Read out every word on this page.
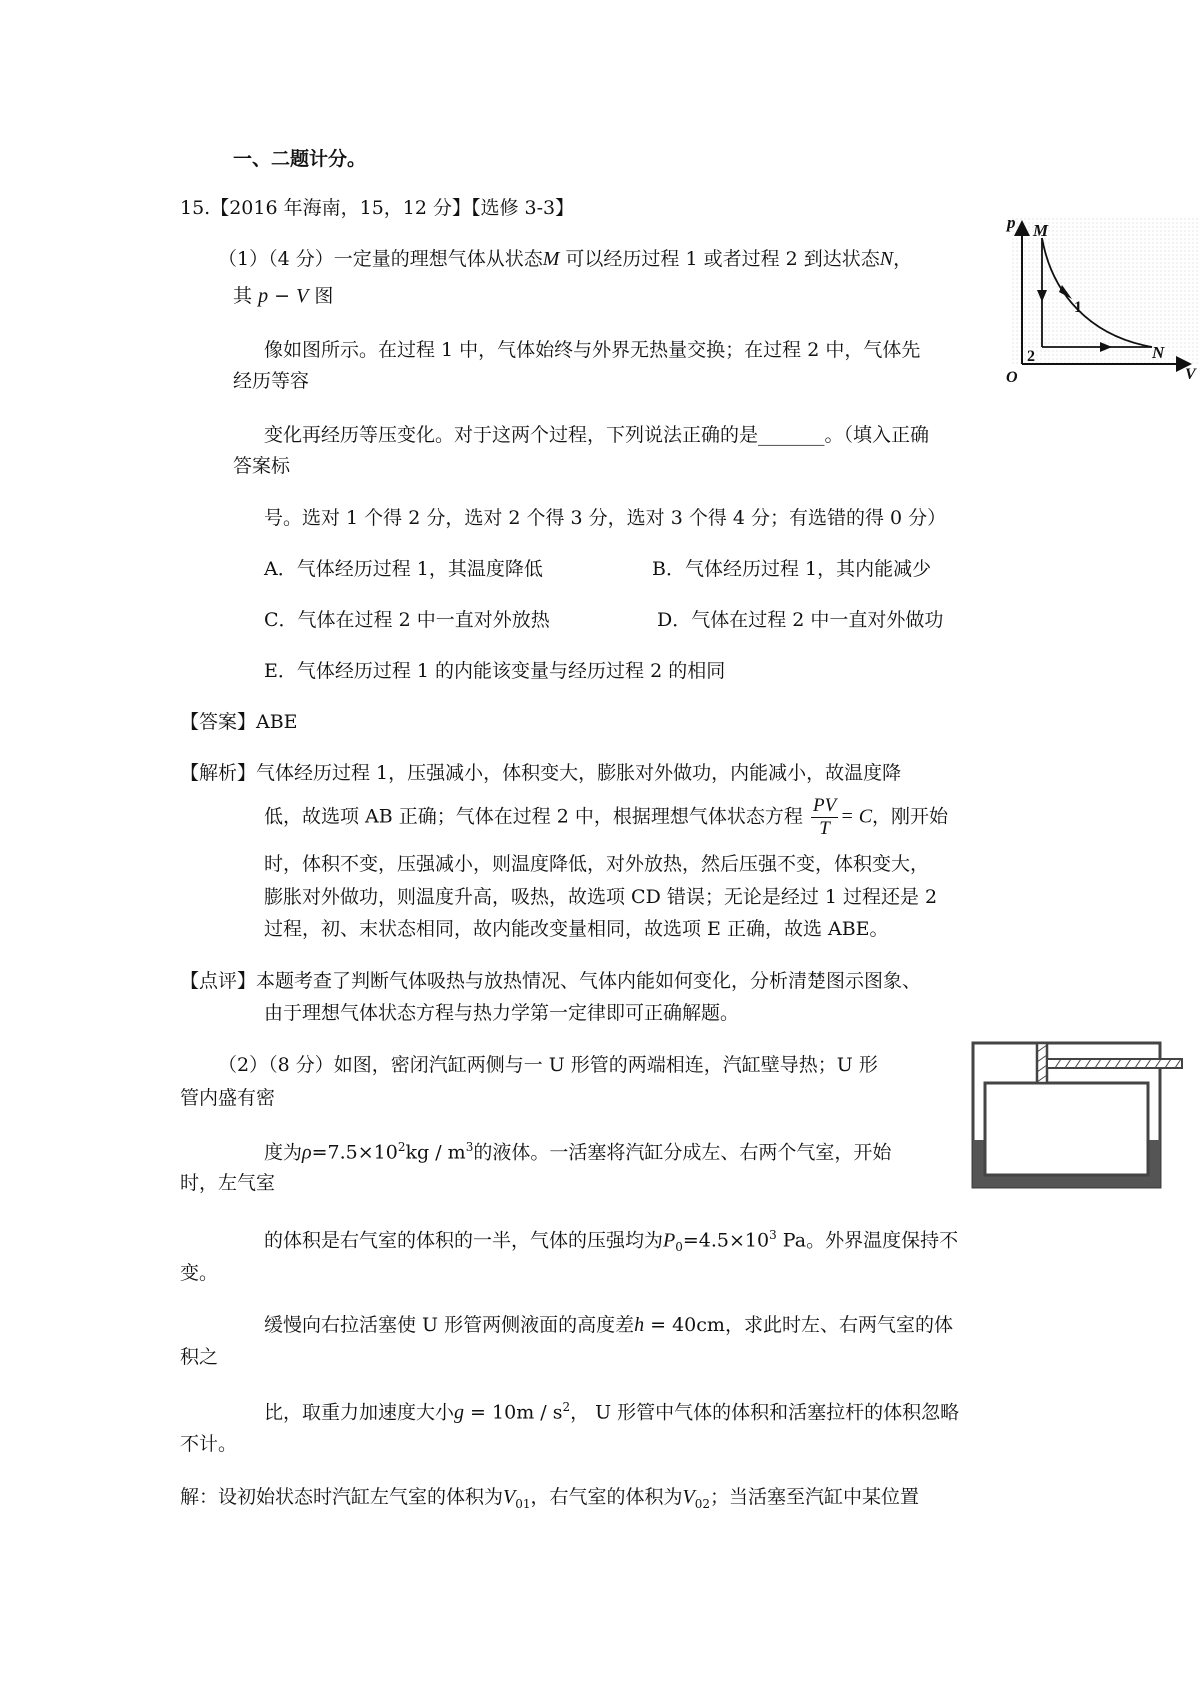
一、二题计分。
15.【2016 年海南，15，12 分】【选修 3-3】
（1）（4 分）一定量的理想气体从状态M 可以经历过程 1 或者过程 2 到达状态N，
其 p − V 图
像如图所示。在过程 1 中，气体始终与外界无热量交换；在过程 2 中，气体先
经历等容
变化再经历等压变化。对于这两个过程，下列说法正确的是_______。（填入正确
答案标
号。选对 1 个得 2 分，选对 2 个得 3 分，选对 3 个得 4 分；有选错的得 0 分）
A．气体经历过程 1，其温度降低	B．气体经历过程 1，其内能减少
C．气体在过程 2 中一直对外放热	D．气体在过程 2 中一直对外做功
E．气体经历过程 1 的内能该变量与经历过程 2 的相同
【答案】ABE
【解析】气体经历过程 1，压强减小，体积变大，膨胀对外做功，内能减小，故温度降
低，故选项 AB 正确；气体在过程 2 中，根据理想气体状态方程 $\frac{PV}{T} = C$，刚开始
时，体积不变，压强减小，则温度降低，对外放热，然后压强不变，体积变大，
膨胀对外做功，则温度升高，吸热，故选项 CD 错误；无论是经过 1 过程还是 2
过程，初、末状态相同，故内能改变量相同，故选项 E 正确，故选 ABE。
【点评】本题考查了判断气体吸热与放热情况、气体内能如何变化，分析清楚图示图象、
由于理想气体状态方程与热力学第一定律即可正确解题。
（2）（8 分）如图，密闭汽缸两侧与一 U 形管的两端相连，汽缸壁导热；U 形
管内盛有密
度为$\rho=7.5\times 10^2kg / m^3$的液体。一活塞将汽缸分成左、右两个气室，开始
时，左气室
的体积是右气室的体积的一半，气体的压强均为$P_0=4.5\times 10^3$ Pa。外界温度保持不
变。
缓慢向右拉活塞使 U 形管两侧液面的高度差h = 40cm，求此时左、右两气室的体
积之
比，取重力加速度大小$g = 10m / s^2$， U 形管中气体的体积和活塞拉杆的体积忽略
不计。
解：设初始状态时汽缸左气室的体积为$V_{01}$，右气室的体积为$V_{02}$；当活塞至汽缸中某位置
p
V
O
M
N
1
2
